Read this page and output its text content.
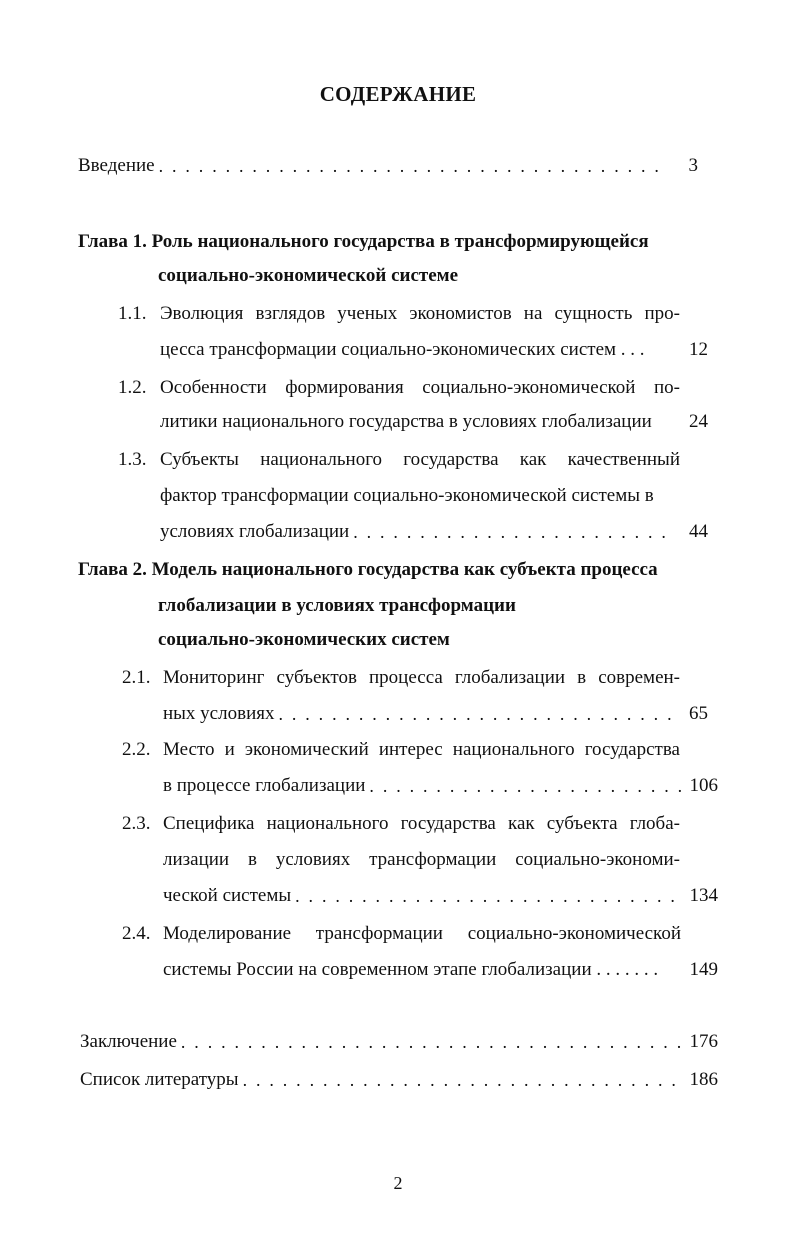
СОДЕРЖАНИЕ
Введение . . .	3
Глава 1. Роль национального государства в трансформирующейся
социально-экономической системе
1.1. Эволюция взглядов ученых экономистов на сущность про-
цесса трансформации социально-экономических систем . . .	12
1.2. Особенности формирования социально-экономической по-
литики национального государства в условиях глобализации	24
1.3. Субъекты национального государства как качественный
фактор трансформации социально-экономической системы в
условиях глобализации . . .	44
Глава 2. Модель национального государства как субъекта процесса
глобализации в условиях трансформации
социально-экономических систем
2.1. Мониторинг субъектов процесса глобализации в современ-
ных условиях . . .	65
2.2. Место и экономический интерес национального государства
в процессе глобализации . . .	106
2.3. Специфика национального государства как субъекта глоба-
лизации в условиях трансформации социально-экономи-
ческой системы . . .	134
2.4. Моделирование трансформации социально-экономической
системы России на современном этапе глобализации . . . . . . . 149
Заключение . . .	176
Список литературы . . .	186
2
